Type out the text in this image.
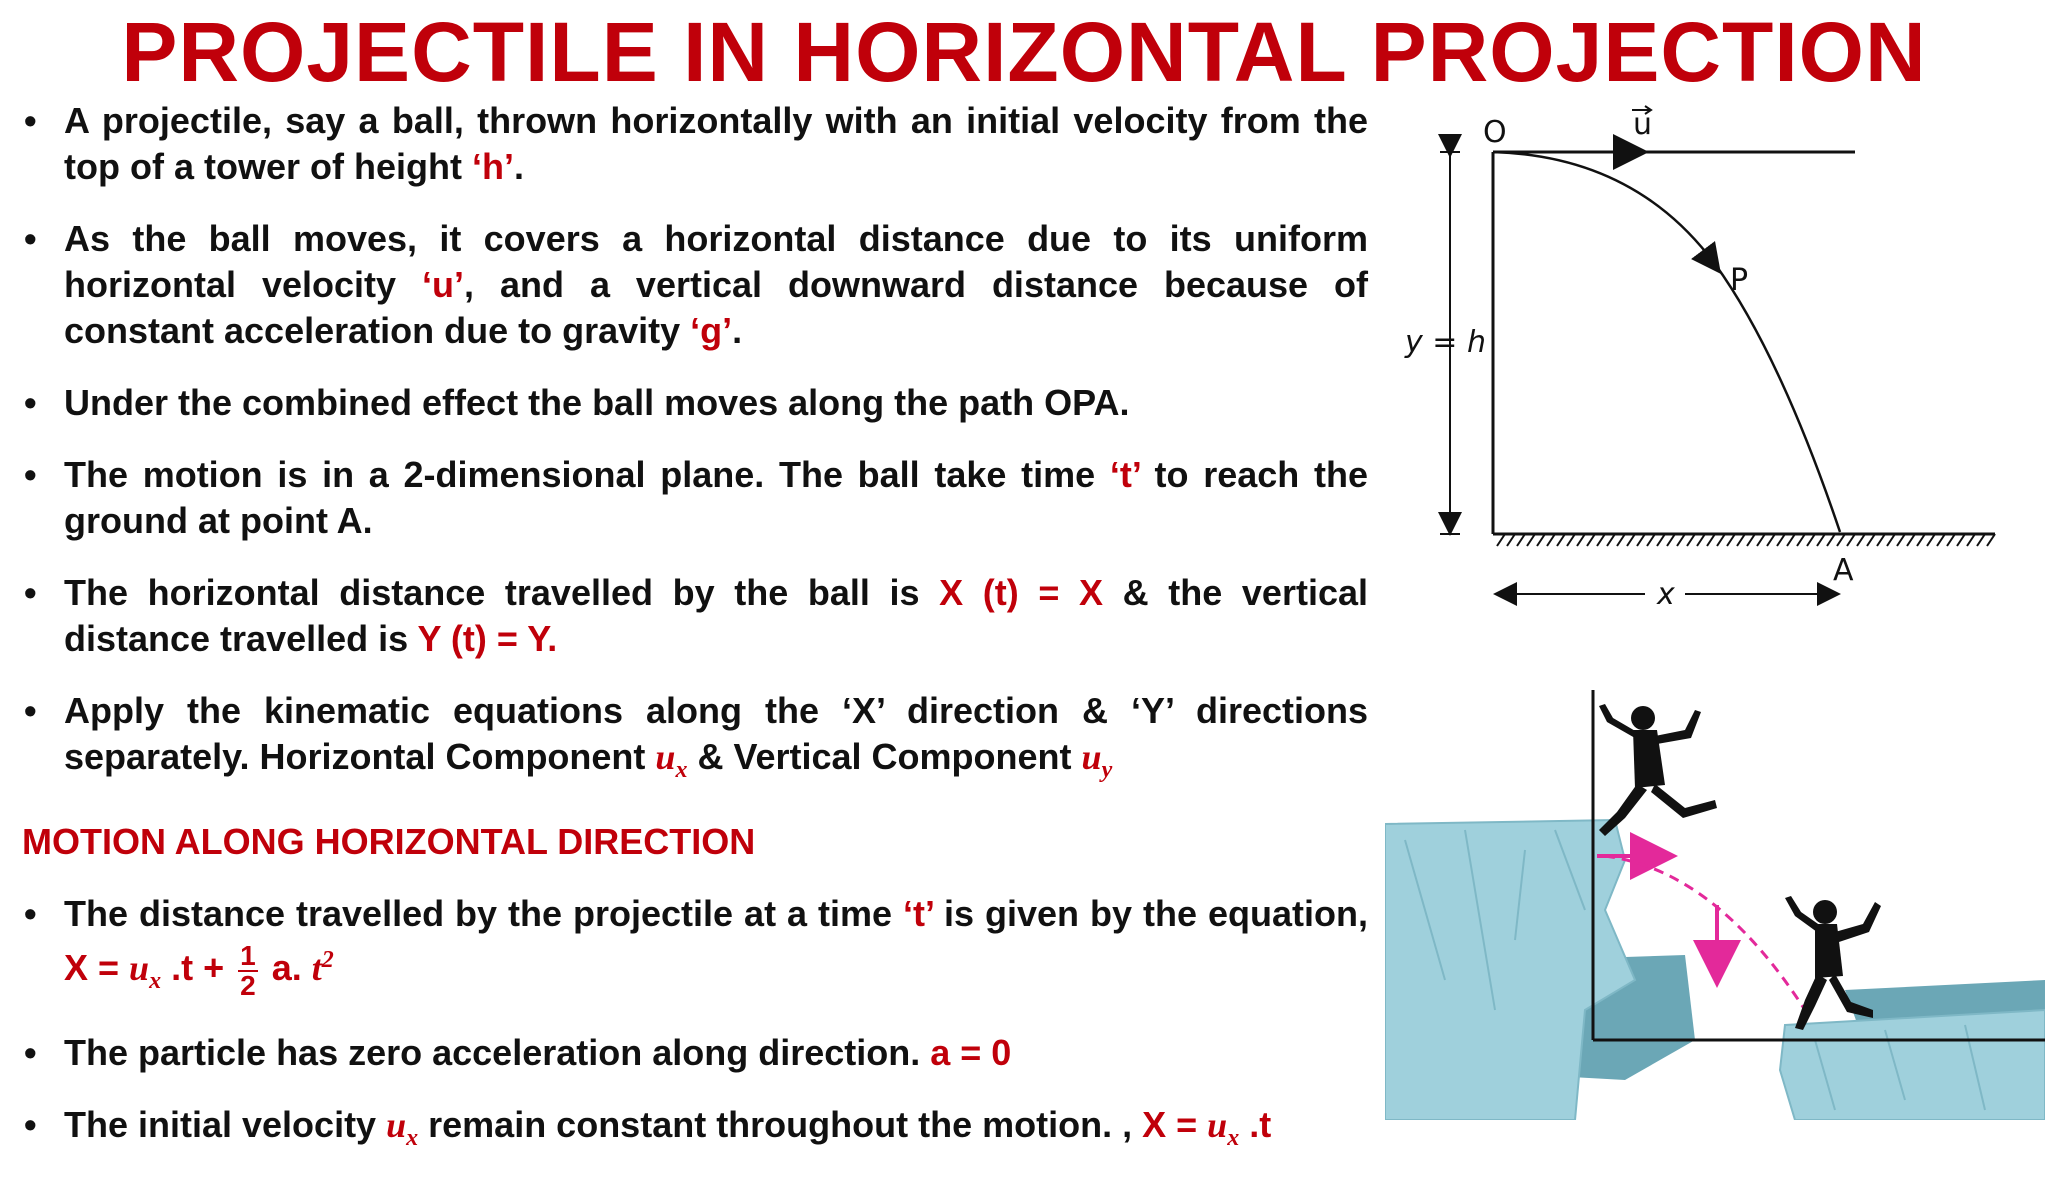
PROJECTILE IN HORIZONTAL PROJECTION
• A projectile, say a ball, thrown horizontally with an initial velocity from the top of a tower of height ‘h’.
• As the ball moves, it covers a horizontal distance due to its uniform horizontal velocity ‘u’, and a vertical downward distance because of constant acceleration due to gravity ‘g’.
• Under the combined effect the ball moves along the path OPA.
• The motion is in a 2-dimensional plane. The ball take time ‘t’ to reach the ground at point A.
• The horizontal distance travelled by the ball is X (t) = X & the vertical distance travelled is Y (t) = Y.
• Apply the kinematic equations along the ‘X’ direction & ‘Y’ directions separately. Horizontal Component $u_x$ & Vertical Component $u_y$
MOTION ALONG HORIZONTAL DIRECTION
• The distance travelled by the projectile at a time ‘t’ is given by the equation, $X = u_x$ $.t + \frac{1}{2} a$. $t^2$
• The particle has zero acceleration along direction. a = 0
• The initial velocity $u_x$ remain constant throughout the motion. , $X = u_x$ .t
O	u
P
y = h
A
x
